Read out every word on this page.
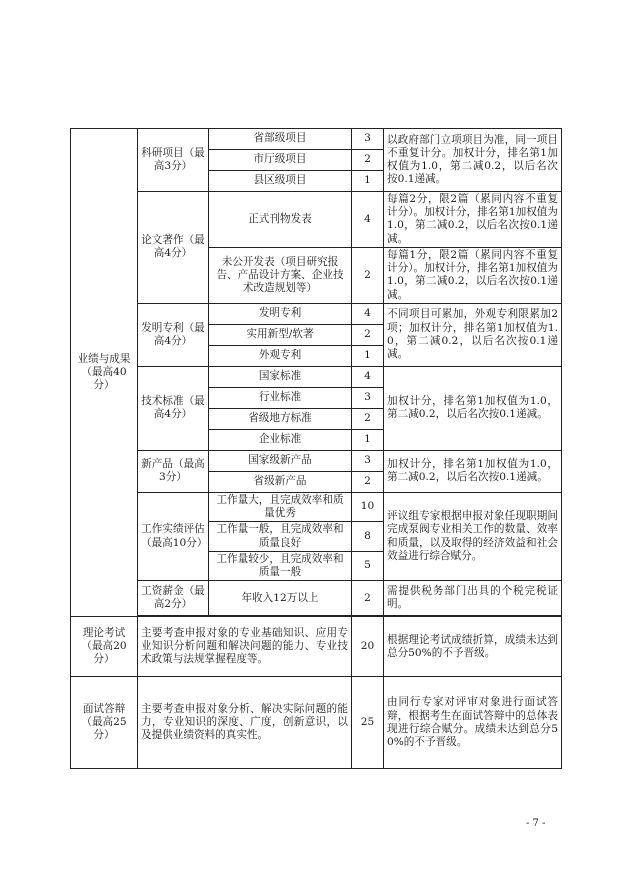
业绩与成果（最高40分）	科研项目（最高3分）	省部级项目	3	以政府部门立项项目为准，同一项目不重复计分。加权计分，排名第1加权值为1.0，第二减0.2，以后名次按0.1递减。
		市厅级项目	2	
		县区级项目	1	
	论文著作（最高4分）	正式刊物发表	4	每篇2分，限2篇（累同内容不重复计分）。加权计分，排名第1加权值为1.0，第二减0.2，以后名次按0.1递减。
		未公开发表（项目研究报告、产品设计方案、企业技术改造规划等）	2	每篇1分，限2篇（累同内容不重复计分）。加权计分，排名第1加权值为1.0，第二减0.2，以后名次按0.1递减。
	发明专利（最高4分）	发明专利	4	不同项目可累加，外观专利限累加2项；加权计分，排名第1加权值为1.0，第二减0.2，以后名次按0.1递减。
		实用新型/软著	2	
		外观专利	1	
	技术标准（最高4分）	国家标准	4	加权计分，排名第1加权值为1.0，第二减0.2，以后名次按0.1递减。
		行业标准	3	
		省级地方标准	2	
		企业标准	1	
	新产品（最高3分）	国家级新产品	3	加权计分，排名第1加权值为1.0，第二减0.2，以后名次按0.1递减。
		省级新产品	2	
	工作实绩评估（最高10分）	工作量大，且完成效率和质量优秀	10	评议组专家根据申报对象任现职期间完成泵阀专业相关工作的数量、效率和质量，以及取得的经济效益和社会效益进行综合赋分。
		工作量一般，且完成效率和质量良好	8	
		工作量较少，且完成效率和质量一般	5	
	工资薪金（最高2分）	年收入12万以上	2	需提供税务部门出具的个税完税证明。

理论考试（最高20分）	主要考查申报对象的专业基础知识、应用专业知识分析问题和解决问题的能力、专业技术政策与法规掌握程度等。		20	根据理论考试成绩折算，成绩未达到总分50%的不予晋级。
面试答辩（最高25分）	主要考查申报对象分析、解决实际问题的能力，专业知识的深度、广度，创新意识，以及提供业绩资料的真实性。		25	由同行专家对评审对象进行面试答辩，根据考生在面试答辩中的总体表现进行综合赋分。成绩未达到总分50%的不予晋级。
- 7 -
